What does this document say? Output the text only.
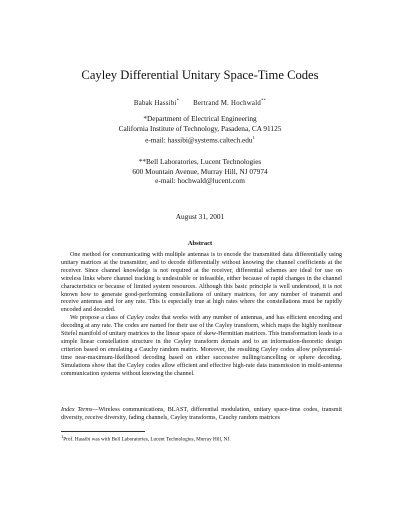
Cayley Differential Unitary Space-Time Codes
Babak Hassibi* Bertrand M. Hochwald**
*Department of Electrical Engineering
California Institute of Technology, Pasadena, CA 91125
e-mail: hassibi@systems.caltech.edu$^1$
**Bell Laboratories, Lucent Technologies
600 Mountain Avenue, Murray Hill, NJ 07974
e-mail: hochwald@lucent.com
August 31, 2001
Abstract

One method for communicating with multiple antennas is to encode the transmitted data differentially using unitary matrices at the transmitter, and to decode differentially without knowing the channel coefficients at the receiver. Since channel knowledge is not required at the receiver, differential schemes are ideal for use on wireless links where channel tracking is undesirable or infeasible, either because of rapid changes in the channel characteristics or because of limited system resources. Although this basic principle is well understood, it is not known how to generate good-performing constellations of unitary matrices, for any number of transmit and receive antennas and for any rate. This is especially true at high rates where the constellations must be rapidly encoded and decoded.

We propose a class of Cayley codes that works with any number of antennas, and has efficient encoding and decoding at any rate. The codes are named for their use of the Cayley transform, which maps the highly nonlinear Stiefel manifold of unitary matrices to the linear space of skew-Hermitian matrices. This transformation leads to a simple linear constellation structure in the Cayley transform domain and to an information-theoretic design criterion based on emulating a Cauchy random matrix. Moreover, the resulting Cayley codes allow polynomial-time near-maximum-likelihood decoding based on either successive nulling/cancelling or sphere decoding. Simulations show that the Cayley codes allow efficient and effective high-rate data transmission in multi-antenna communication systems without knowing the channel.

Index Terms—Wireless communications, BLAST, differential modulation, unitary space-time codes, transmit diversity, receive diversity, fading channels, Cayley transforms, Cauchy random matrices
$^1$Prof. Hassibi was with Bell Laboratories, Lucent Technologies, Murray Hill, NJ.
